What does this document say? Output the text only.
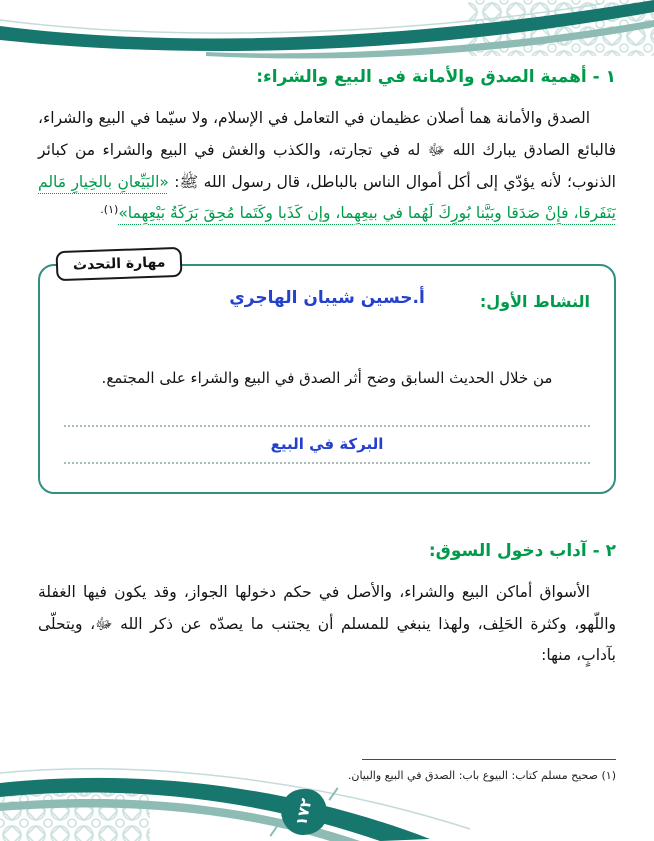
١ - أهمية الصدق والأمانة في البيع والشراء:

الصدق والأمانة هما أصلان عظيمان في التعامل في الإسلام، ولا سيّما في البيع والشراء، فالبائع الصادق يبارك الله ﷻ له في تجارته، والكذب والغش في البيع والشراء من كبائر الذنوب؛ لأنه يؤدّي إلى أكل أموال الناس بالباطل، قال رسول الله ﷺ: «البَيِّعانِ بالخِيارِ مَالم يَتَفَرقا، فإِنْ صَدَقا وبَيَّنا بُورِكَ لَهُما في بيعِهِما، وإن كَذَبا وكَتَما مُحِقَ بَرَكَةُ بَيْعِهِما»$^{(١).}$

مهارة التحدث
أ.حسين شيبان الهاجري	النشاط الأول:
من خلال الحديث السابق وضح أثر الصدق في البيع والشراء على المجتمع.
البركة في البيع
٢ - آداب دخول السوق:

الأسواق أماكن البيع والشراء، والأصل في حكم دخولها الجواز، وقد يكون فيها الغفلة واللّهو، وكثرة الحَلِف، ولهذا ينبغي للمسلم أن يجتنب ما يصدّه عن ذكر الله ﷻ، ويتحلّى بآدابٍ، منها:

(١) صحيح مسلم كتاب: البيوع باب: الصدق في البيع والبيان.

١٧٢
